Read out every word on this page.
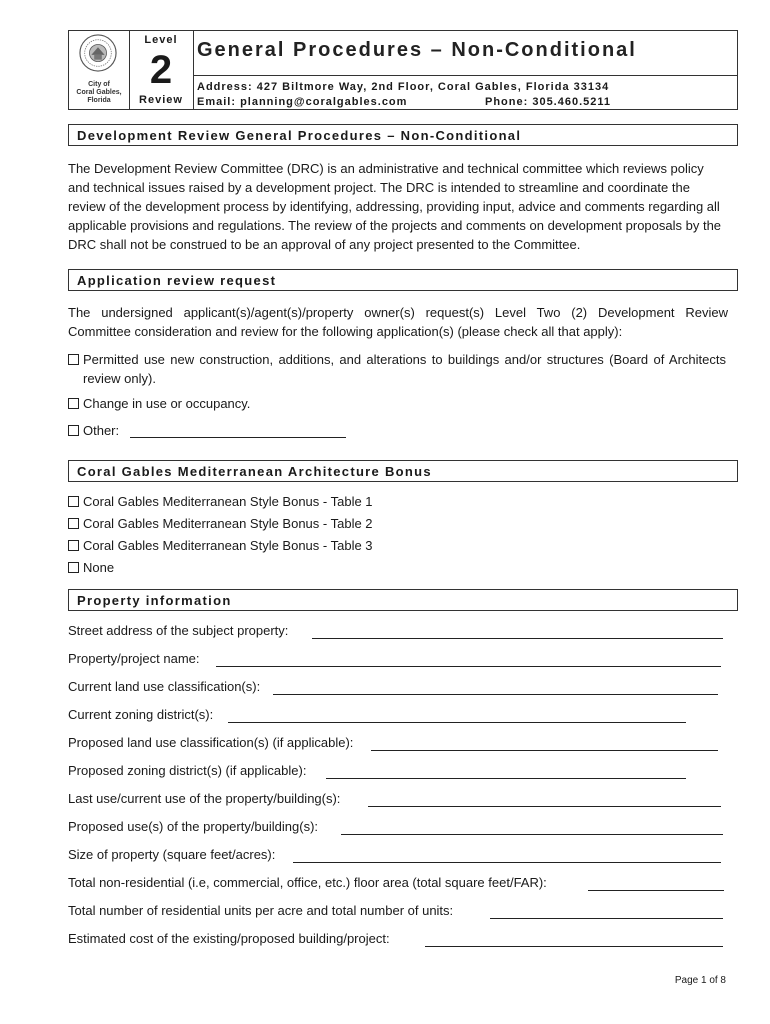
City of
Coral Gables,
Florida
Level
2
Review
General Procedures – Non-Conditional
Address: 427 Biltmore Way, 2nd Floor, Coral Gables, Florida 33134
Email: planning@coralgables.com	Phone: 305.460.5211
Development Review General Procedures – Non-Conditional
The Development Review Committee (DRC) is an administrative and technical committee which reviews policy and technical issues raised by a development project. The DRC is intended to streamline and coordinate the review of the development process by identifying, addressing, providing input, advice and comments regarding all applicable provisions and regulations. The review of the projects and comments on development proposals by the DRC shall not be construed to be an approval of any project presented to the Committee.
Application review request
The undersigned applicant(s)/agent(s)/property owner(s) request(s) Level Two (2) Development Review Committee consideration and review for the following application(s) (please check all that apply):
Permitted use new construction, additions, and alterations to buildings and/or structures (Board of Architects review only).
Change in use or occupancy.
Other:
Coral Gables Mediterranean Architecture Bonus
Coral Gables Mediterranean Style Bonus - Table 1
Coral Gables Mediterranean Style Bonus - Table 2
Coral Gables Mediterranean Style Bonus - Table 3
None
Property information
Street address of the subject property:
Property/project name:
Current land use classification(s):
Current zoning district(s):
Proposed land use classification(s) (if applicable):
Proposed zoning district(s) (if applicable):
Last use/current use of the property/building(s):
Proposed use(s) of the property/building(s):
Size of property (square feet/acres):
Total non-residential (i.e, commercial, office, etc.) floor area (total square feet/FAR):
Total number of residential units per acre and total number of units:
Estimated cost of the existing/proposed building/project:
Page 1 of 8
